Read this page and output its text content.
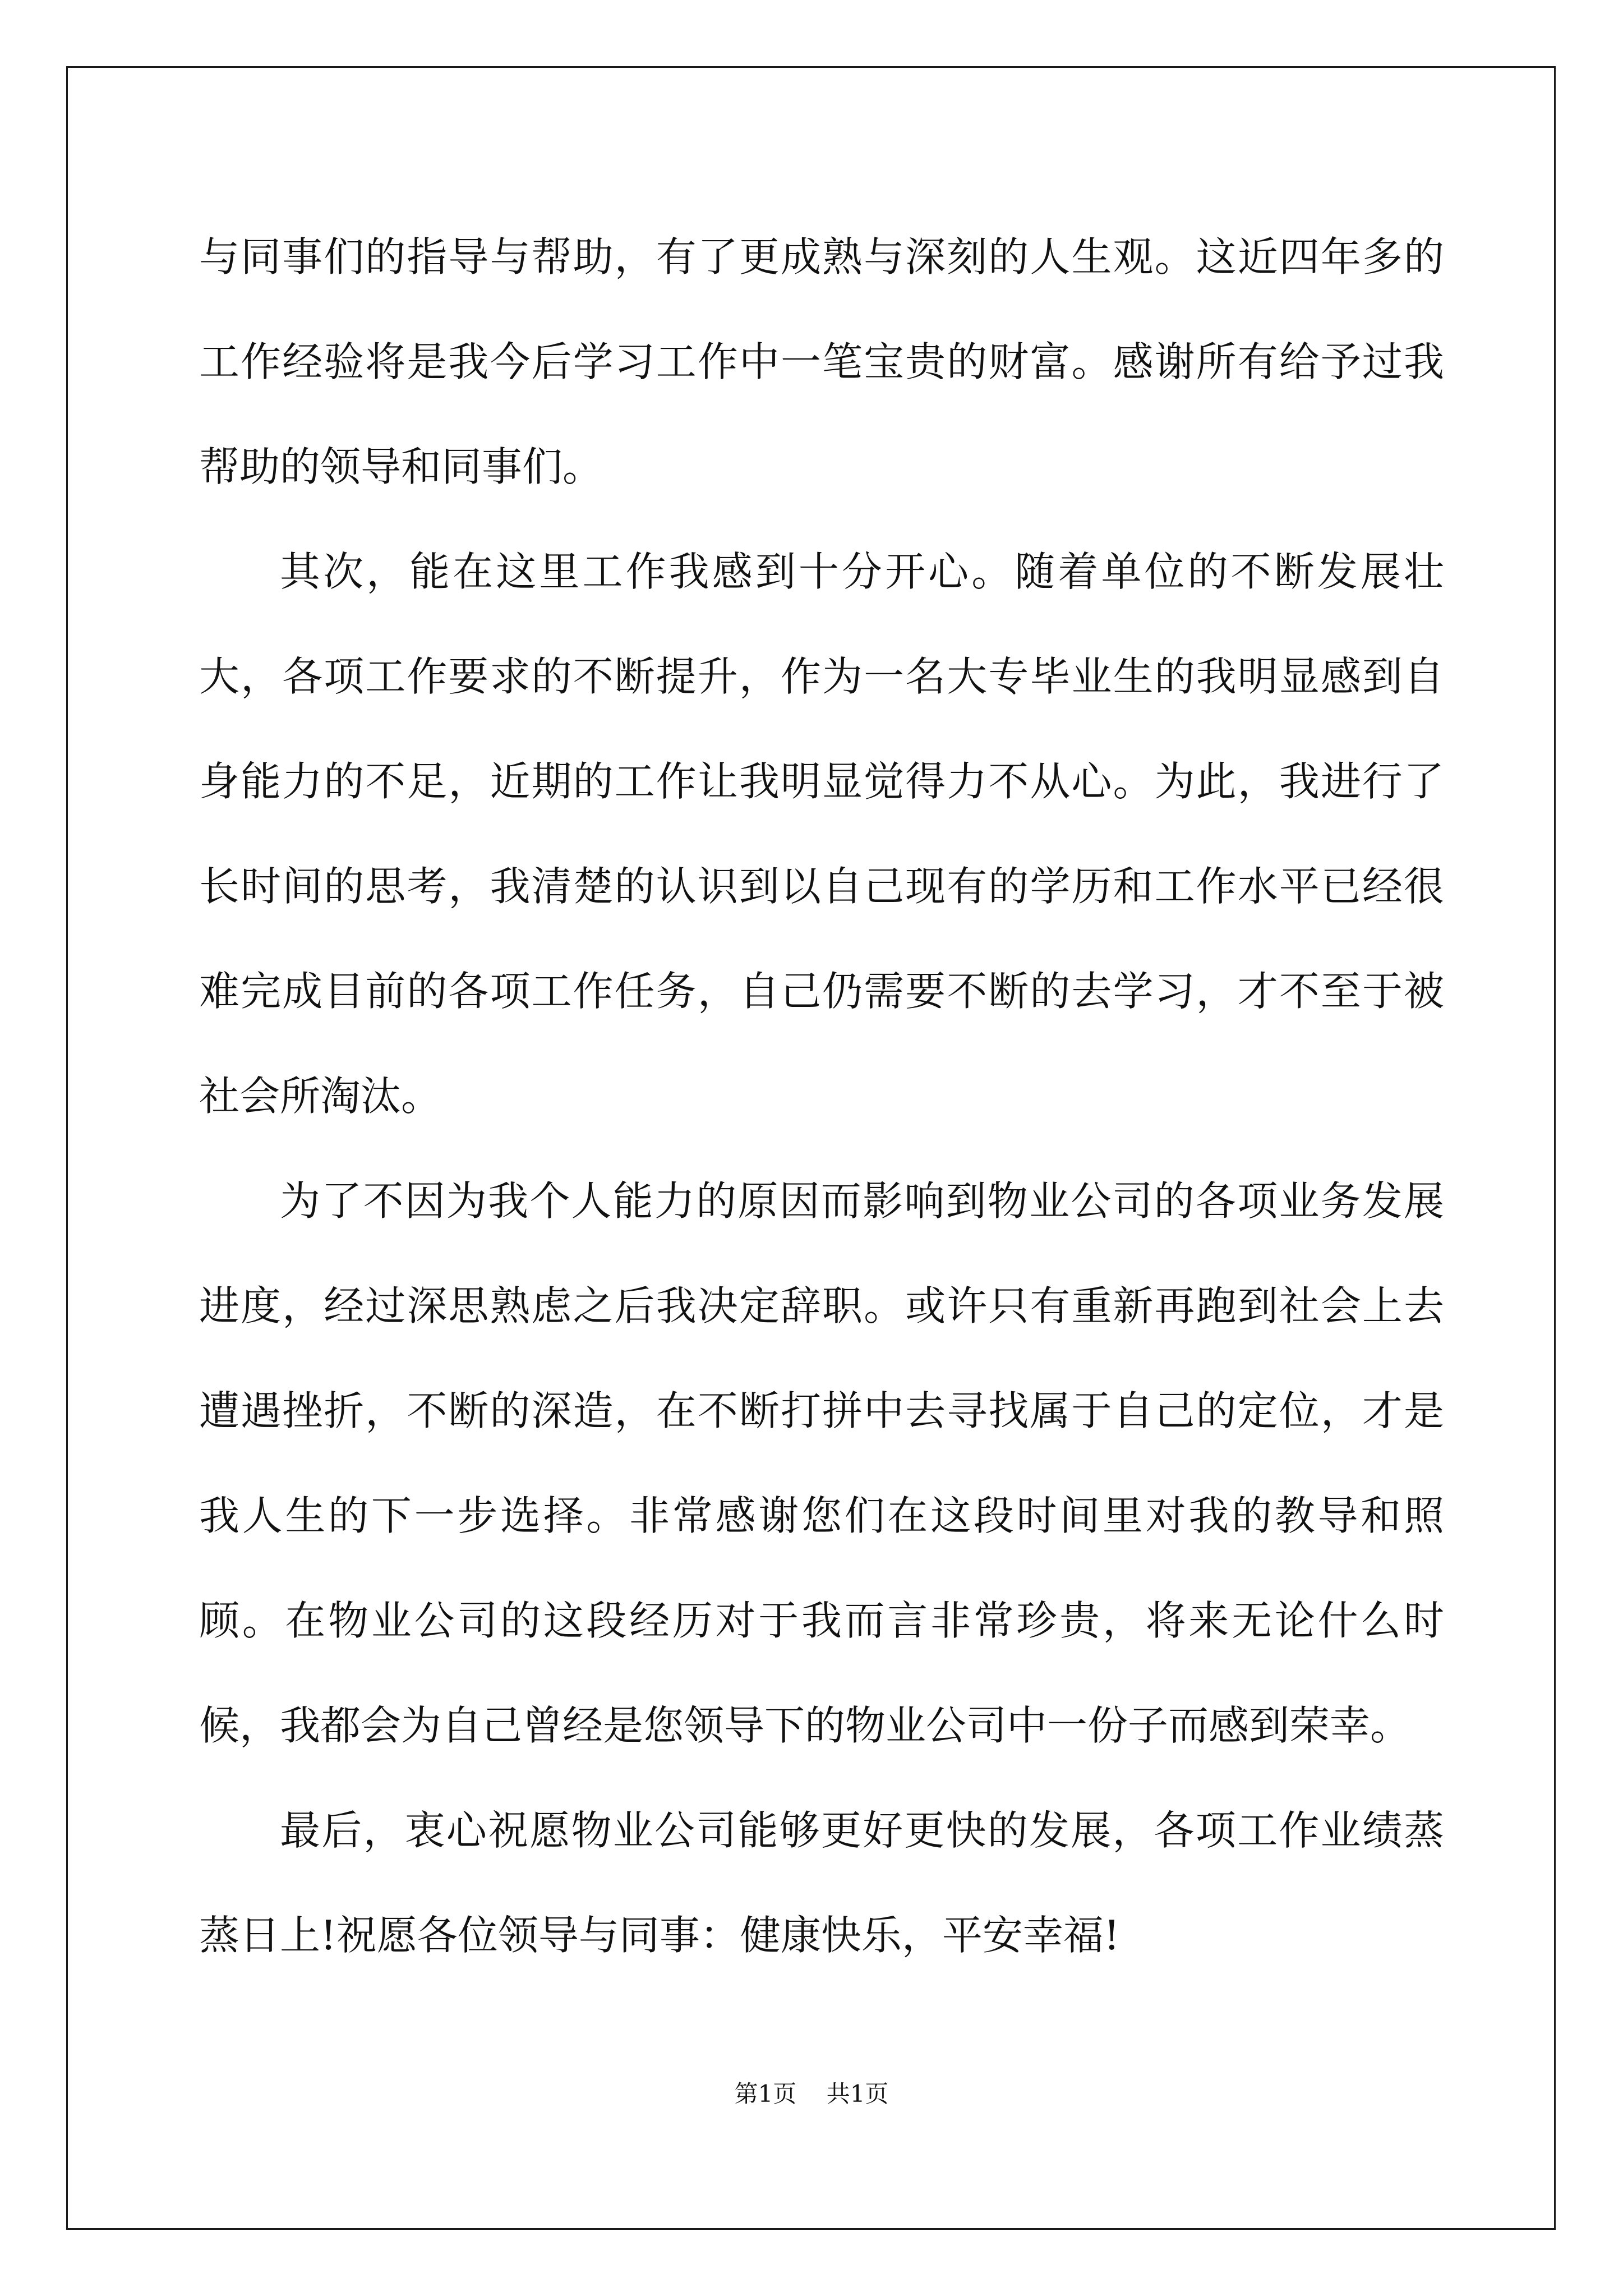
与同事们的指导与帮助，有了更成熟与深刻的人生观。这近四年多的工作经验将是我今后学习工作中一笔宝贵的财富。感谢所有给予过我帮助的领导和同事们。

其次，能在这里工作我感到十分开心。随着单位的不断发展壮大，各项工作要求的不断提升，作为一名大专毕业生的我明显感到自身能力的不足，近期的工作让我明显觉得力不从心。为此，我进行了长时间的思考，我清楚的认识到以自己现有的学历和工作水平已经很难完成目前的各项工作任务，自己仍需要不断的去学习，才不至于被社会所淘汰。

为了不因为我个人能力的原因而影响到物业公司的各项业务发展进度，经过深思熟虑之后我决定辞职。或许只有重新再跑到社会上去遭遇挫折，不断的深造，在不断打拼中去寻找属于自己的定位，才是我人生的下一步选择。非常感谢您们在这段时间里对我的教导和照顾。在物业公司的这段经历对于我而言非常珍贵，将来无论什么时候，我都会为自己曾经是您领导下的物业公司中一份子而感到荣幸。

最后，衷心祝愿物业公司能够更好更快的发展，各项工作业绩蒸蒸日上!祝愿各位领导与同事：健康快乐，平安幸福!

第1页 共1页
